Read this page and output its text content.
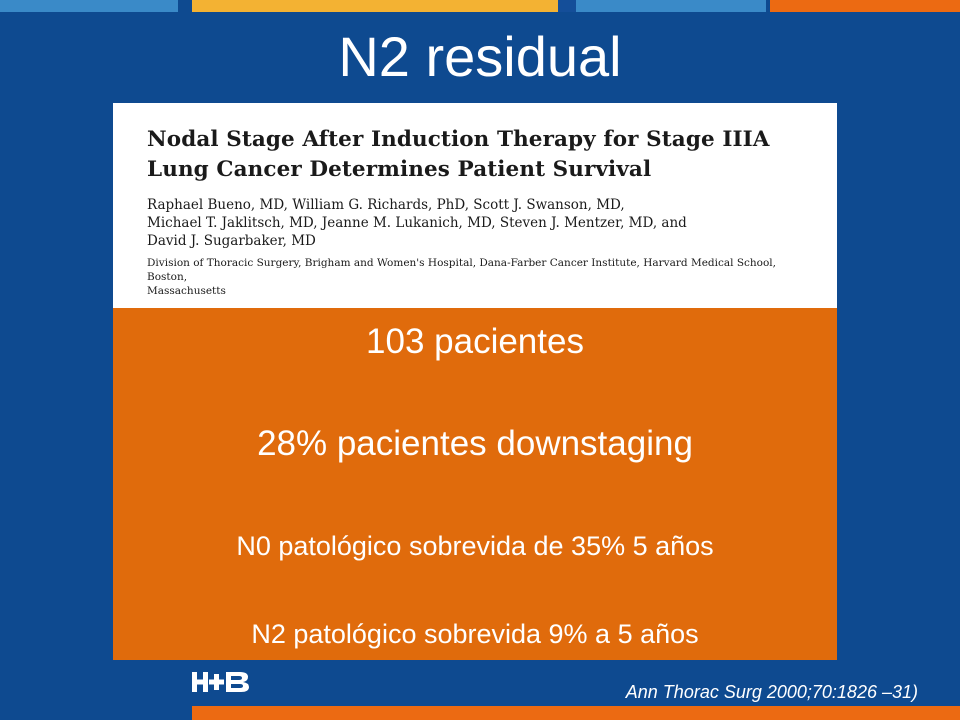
N2 residual
Nodal Stage After Induction Therapy for Stage IIIA
Lung Cancer Determines Patient Survival
Raphael Bueno, MD, William G. Richards, PhD, Scott J. Swanson, MD,
Michael T. Jaklitsch, MD, Jeanne M. Lukanich, MD, Steven J. Mentzer, MD, and
David J. Sugarbaker, MD
Division of Thoracic Surgery, Brigham and Women's Hospital, Dana-Farber Cancer Institute, Harvard Medical School, Boston,
Massachusetts
103 pacientes
28% pacientes downstaging
N0 patológico sobrevida de 35% 5 años
N2 patológico sobrevida 9% a 5 años
Ann Thorac Surg 2000;70:1826 –31)
